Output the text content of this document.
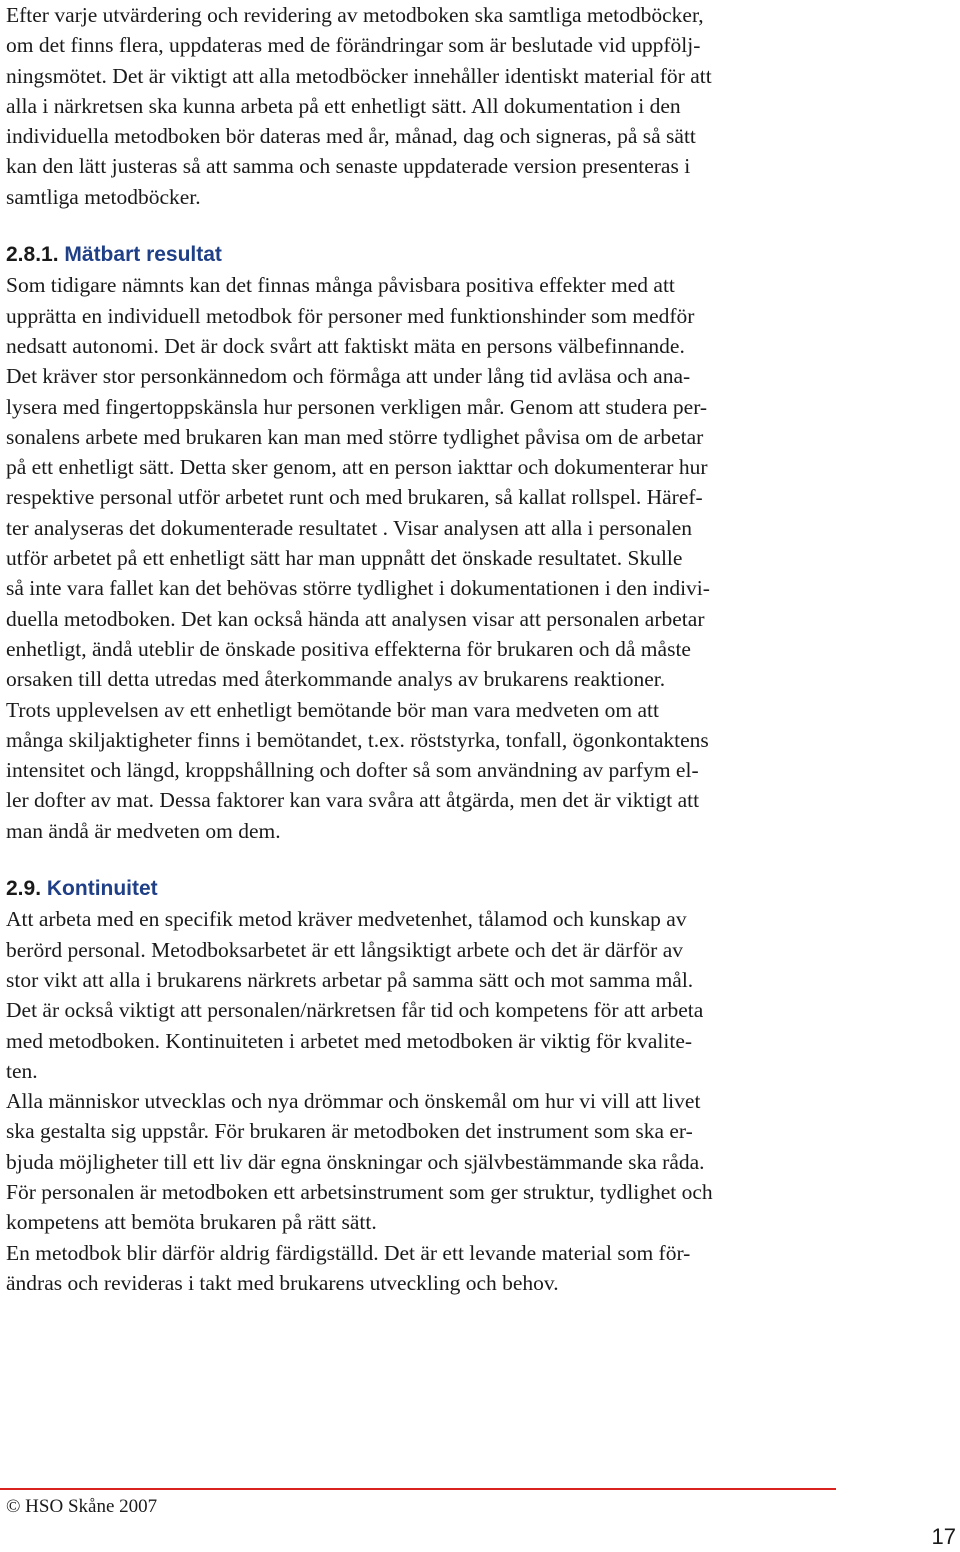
Efter varje utvärdering och revidering av metodboken ska samtliga metodböcker,
om det finns flera, uppdateras med de förändringar som är beslutade vid uppfölj-
ningsmötet. Det är viktigt att alla metodböcker innehåller identiskt material för att
alla i närkretsen ska kunna arbeta på ett enhetligt sätt. All dokumentation i den
individuella metodboken bör dateras med år, månad, dag och signeras, på så sätt
kan den lätt justeras så att samma och senaste uppdaterade version presenteras i
samtliga metodböcker.
2.8.1. Mätbart resultat
Som tidigare nämnts kan det finnas många påvisbara positiva effekter med att
upprätta en individuell metodbok för personer med funktionshinder som medför
nedsatt autonomi. Det är dock svårt att faktiskt mäta en persons välbefinnande.
Det kräver stor personkännedom och förmåga att under lång tid avläsa och ana-
lysera med fingertoppskänsla hur personen verkligen mår. Genom att studera per-
sonalens arbete med brukaren kan man med större tydlighet påvisa om de arbetar
på ett enhetligt sätt. Detta sker genom, att en person iakttar och dokumenterar hur
respektive personal utför arbetet runt och med brukaren, så kallat rollspel. Häref-
ter analyseras det dokumenterade resultatet . Visar analysen att alla i personalen
utför arbetet på ett enhetligt sätt har man uppnått det önskade resultatet. Skulle
så inte vara fallet kan det behövas större tydlighet i dokumentationen i den indivi-
duella metodboken. Det kan också hända att analysen visar att personalen arbetar
enhetligt, ändå uteblir de önskade positiva effekterna för brukaren och då måste
orsaken till detta utredas med återkommande analys av brukarens reaktioner.
Trots upplevelsen av ett enhetligt bemötande bör man vara medveten om att
många skiljaktigheter finns i bemötandet, t.ex. röststyrka, tonfall, ögonkontaktens
intensitet och längd, kroppshållning och dofter så som användning av parfym el-
ler dofter av mat. Dessa faktorer kan vara svåra att åtgärda, men det är viktigt att
man ändå är medveten om dem.
2.9. Kontinuitet
Att arbeta med en specifik metod kräver medvetenhet, tålamod och kunskap av
berörd personal. Metodboksarbetet är ett långsiktigt arbete och det är därför av
stor vikt att alla i brukarens närkrets arbetar på samma sätt och mot samma mål.
Det är också viktigt att personalen/närkretsen får tid och kompetens för att arbeta
med metodboken. Kontinuiteten i arbetet med metodboken är viktig för kvalite-
ten.
Alla människor utvecklas och nya drömmar och önskemål om hur vi vill att livet
ska gestalta sig uppstår. För brukaren är metodboken det instrument som ska er-
bjuda möjligheter till ett liv där egna önskningar och självbestämmande ska råda.
För personalen är metodboken ett arbetsinstrument som ger struktur, tydlighet och
kompetens att bemöta brukaren på rätt sätt.
En metodbok blir därför aldrig färdigställd. Det är ett levande material som för-
ändras och revideras i takt med brukarens utveckling och behov.
© HSO Skåne 2007
17
